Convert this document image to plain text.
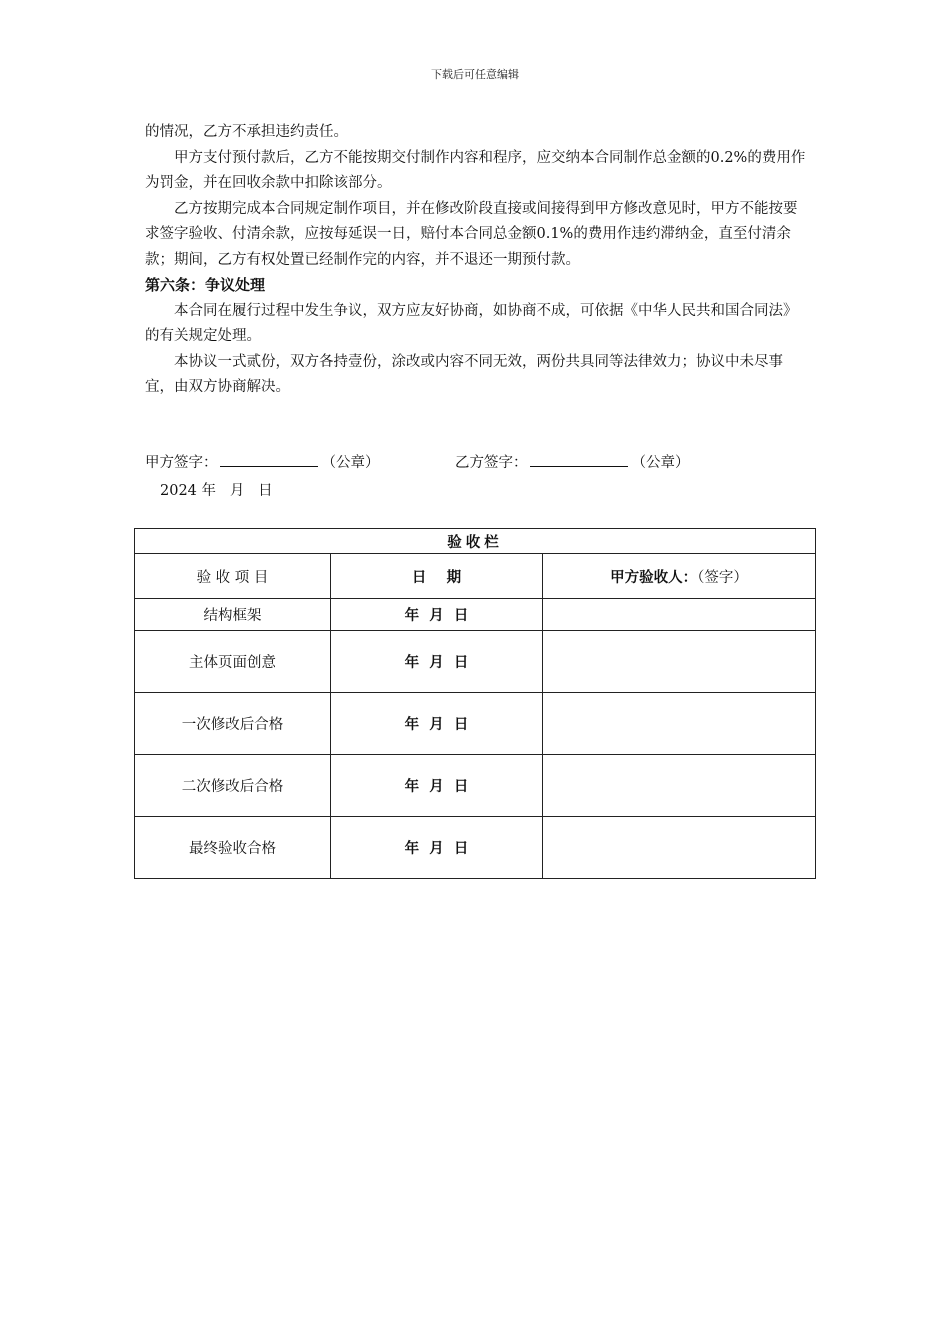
下载后可任意编辑

的情况，乙方不承担违约责任。

甲方支付预付款后，乙方不能按期交付制作内容和程序，应交纳本合同制作总金额的0.2%的费用作为罚金，并在回收余款中扣除该部分。

乙方按期完成本合同规定制作项目，并在修改阶段直接或间接得到甲方修改意见时，甲方不能按要求签字验收、付清余款，应按每延误一日，赔付本合同总金额0.1%的费用作违约滞纳金，直至付清余款；期间，乙方有权处置已经制作完的内容，并不退还一期预付款。

第六条：争议处理

本合同在履行过程中发生争议，双方应友好协商，如协商不成，可依据《中华人民共和国合同法》的有关规定处理。

本协议一式贰份，双方各持壹份，涂改或内容不同无效，两份共具同等法律效力；协议中未尽事宜，由双方协商解决。

甲方签字：	（公章）	乙方签字：	（公章）
2024 年   月   日
验收栏		
验 收 项 目	日    期	甲方验收人：（签字）
结构框架	年  月  日	
主体页面创意	年  月  日	
一次修改后合格	年  月  日	
二次修改后合格	年  月  日	
最终验收合格	年  月  日	
